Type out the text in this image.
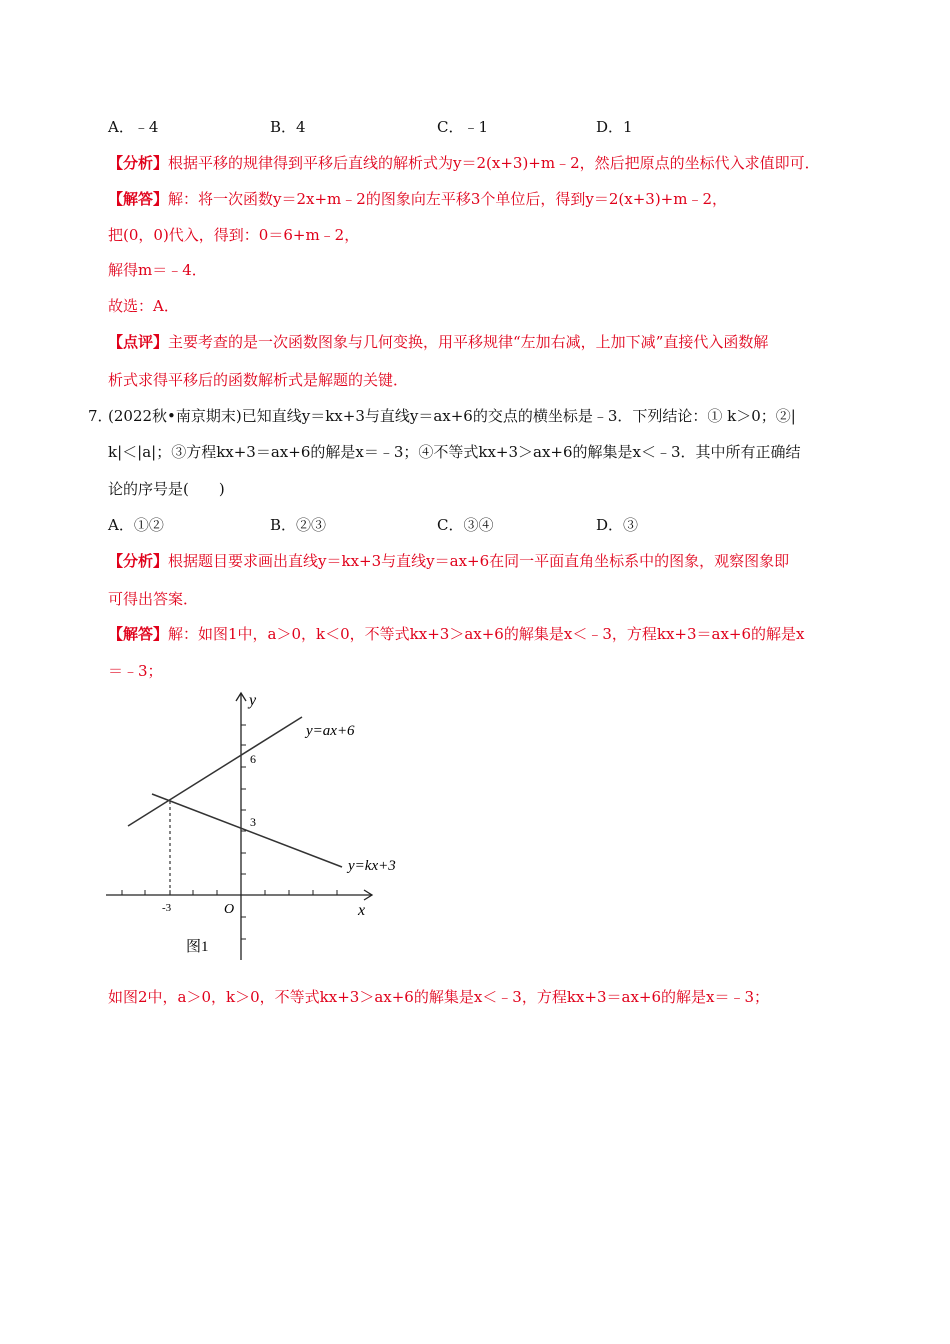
A．﹣4	B．4	C．﹣1	D．1
【分析】根据平移的规律得到平移后直线的解析式为y＝2(x+3)+m﹣2，然后把原点的坐标代入求值即可．
【解答】解：将一次函数y＝2x+m﹣2的图象向左平移3个单位后，得到y＝2(x+3)+m﹣2，
把(0，0)代入，得到：0＝6+m﹣2，
解得m＝﹣4．
故选：A．
【点评】主要考查的是一次函数图象与几何变换，用平移规律“左加右减，上加下减”直接代入函数解
析式求得平移后的函数解析式是解题的关键．
7．
(2022秋•南京期末)已知直线y＝kx+3与直线y＝ax+6的交点的横坐标是﹣3．下列结论：① k＞0；②|
k|＜|a|；③方程kx+3＝ax+6的解是x＝﹣3；④不等式kx+3＞ax+6的解集是x＜﹣3．其中所有正确结
论的序号是(　　)
A．①②	B．②③	C．③④	D．③
【分析】根据题目要求画出直线y＝kx+3与直线y＝ax+6在同一平面直角坐标系中的图象，观察图象即
可得出答案．
【解答】解：如图1中，a＞0，k＜0，不等式kx+3＞ax+6的解集是x＜﹣3，方程kx+3＝ax+6的解是x
＝﹣3；
y
x
O
6
3
-3
y=ax+6
y=kx+3
图1
如图2中，a＞0，k＞0，不等式kx+3＞ax+6的解集是x＜﹣3，方程kx+3＝ax+6的解是x＝﹣3；
